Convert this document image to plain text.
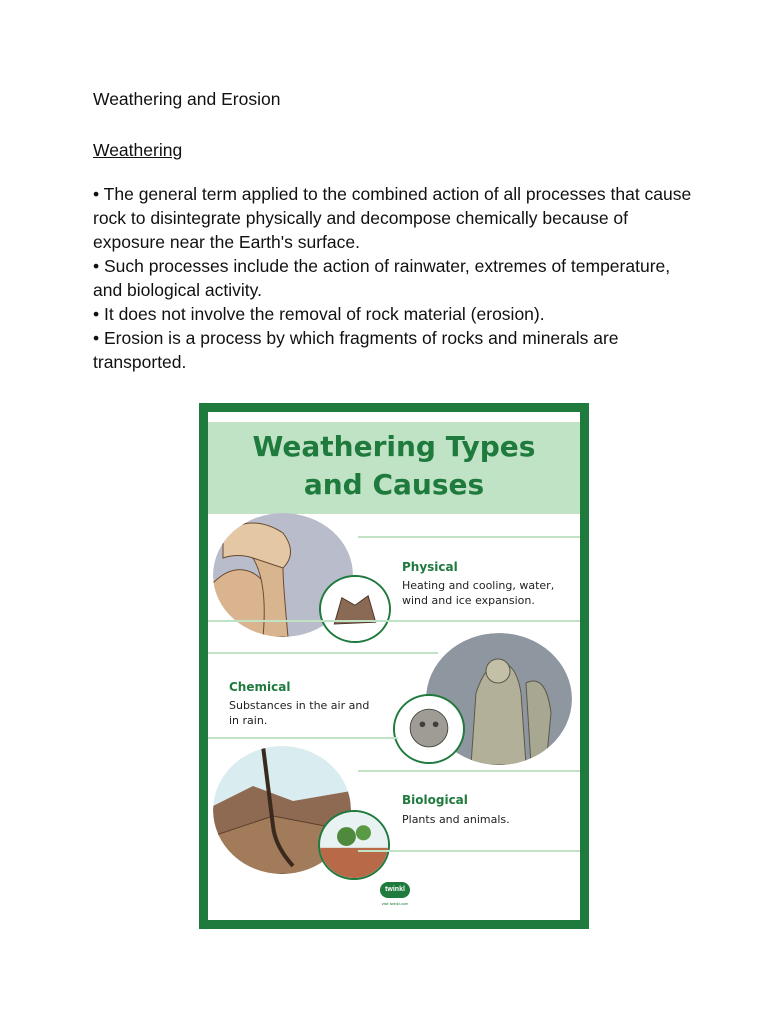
Weathering and Erosion

Weathering

• The general term applied to the combined action of all processes that cause rock to disintegrate physically and decompose chemically because of exposure near the Earth's surface.

• Such processes include the action of rainwater, extremes of temperature, and biological activity.

• It does not involve the removal of rock material (erosion).

• Erosion is a process by which fragments of rocks and minerals are transported.

Weathering Types
and Causes
Physical
Heating and cooling, water,
wind and ice expansion.
Chemical
Substances in the air and
in rain.
Biological
Plants and animals.
twinkl
visit twinkl.com
